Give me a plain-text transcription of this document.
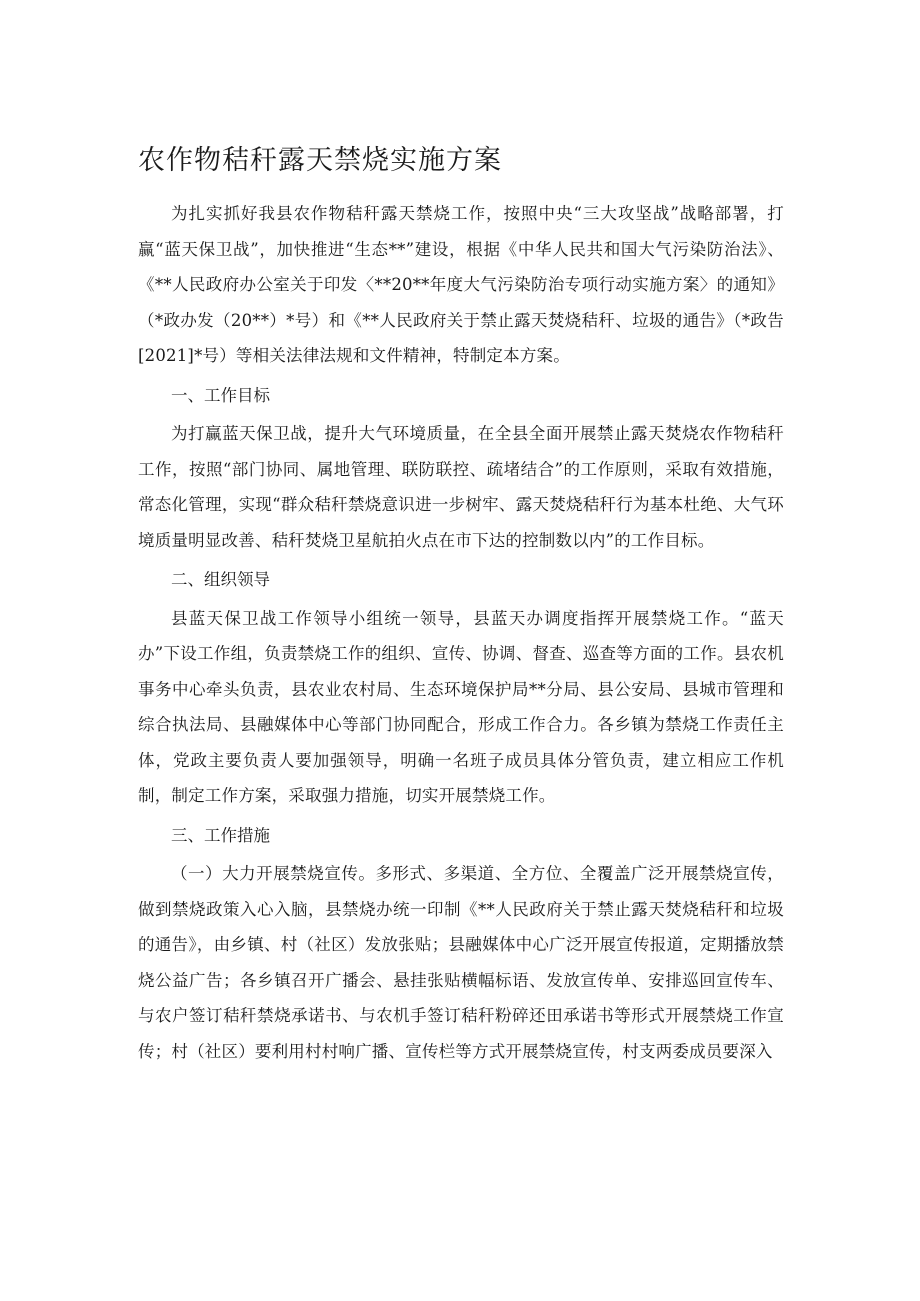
农作物秸秆露天禁烧实施方案

为扎实抓好我县农作物秸秆露天禁烧工作，按照中央“三大攻坚战”战略部署，打赢“蓝天保卫战”，加快推进“生态**”建设，根据《中华人民共和国大气污染防治法》、《**人民政府办公室关于印发〈**20**年度大气污染防治专项行动实施方案〉的通知》（*政办发（20**）*号）和《**人民政府关于禁止露天焚烧秸秆、垃圾的通告》（*政告[2021]*号）等相关法律法规和文件精神，特制定本方案。

一、工作目标

为打赢蓝天保卫战，提升大气环境质量，在全县全面开展禁止露天焚烧农作物秸秆工作，按照“部门协同、属地管理、联防联控、疏堵结合”的工作原则，采取有效措施，常态化管理，实现“群众秸秆禁烧意识进一步树牢、露天焚烧秸秆行为基本杜绝、大气环境质量明显改善、秸秆焚烧卫星航拍火点在市下达的控制数以内”的工作目标。

二、组织领导

县蓝天保卫战工作领导小组统一领导，县蓝天办调度指挥开展禁烧工作。“蓝天办”下设工作组，负责禁烧工作的组织、宣传、协调、督查、巡查等方面的工作。县农机事务中心牵头负责，县农业农村局、生态环境保护局**分局、县公安局、县城市管理和综合执法局、县融媒体中心等部门协同配合，形成工作合力。各乡镇为禁烧工作责任主体，党政主要负责人要加强领导，明确一名班子成员具体分管负责，建立相应工作机制，制定工作方案，采取强力措施，切实开展禁烧工作。

三、工作措施

（一）大力开展禁烧宣传。多形式、多渠道、全方位、全覆盖广泛开展禁烧宣传，做到禁烧政策入心入脑，县禁烧办统一印制《**人民政府关于禁止露天焚烧秸秆和垃圾的通告》，由乡镇、村（社区）发放张贴；县融媒体中心广泛开展宣传报道，定期播放禁烧公益广告；各乡镇召开广播会、悬挂张贴横幅标语、发放宣传单、安排巡回宣传车、与农户签订秸秆禁烧承诺书、与农机手签订秸秆粉碎还田承诺书等形式开展禁烧工作宣传；村（社区）要利用村村响广播、宣传栏等方式开展禁烧宣传，村支两委成员要深入
